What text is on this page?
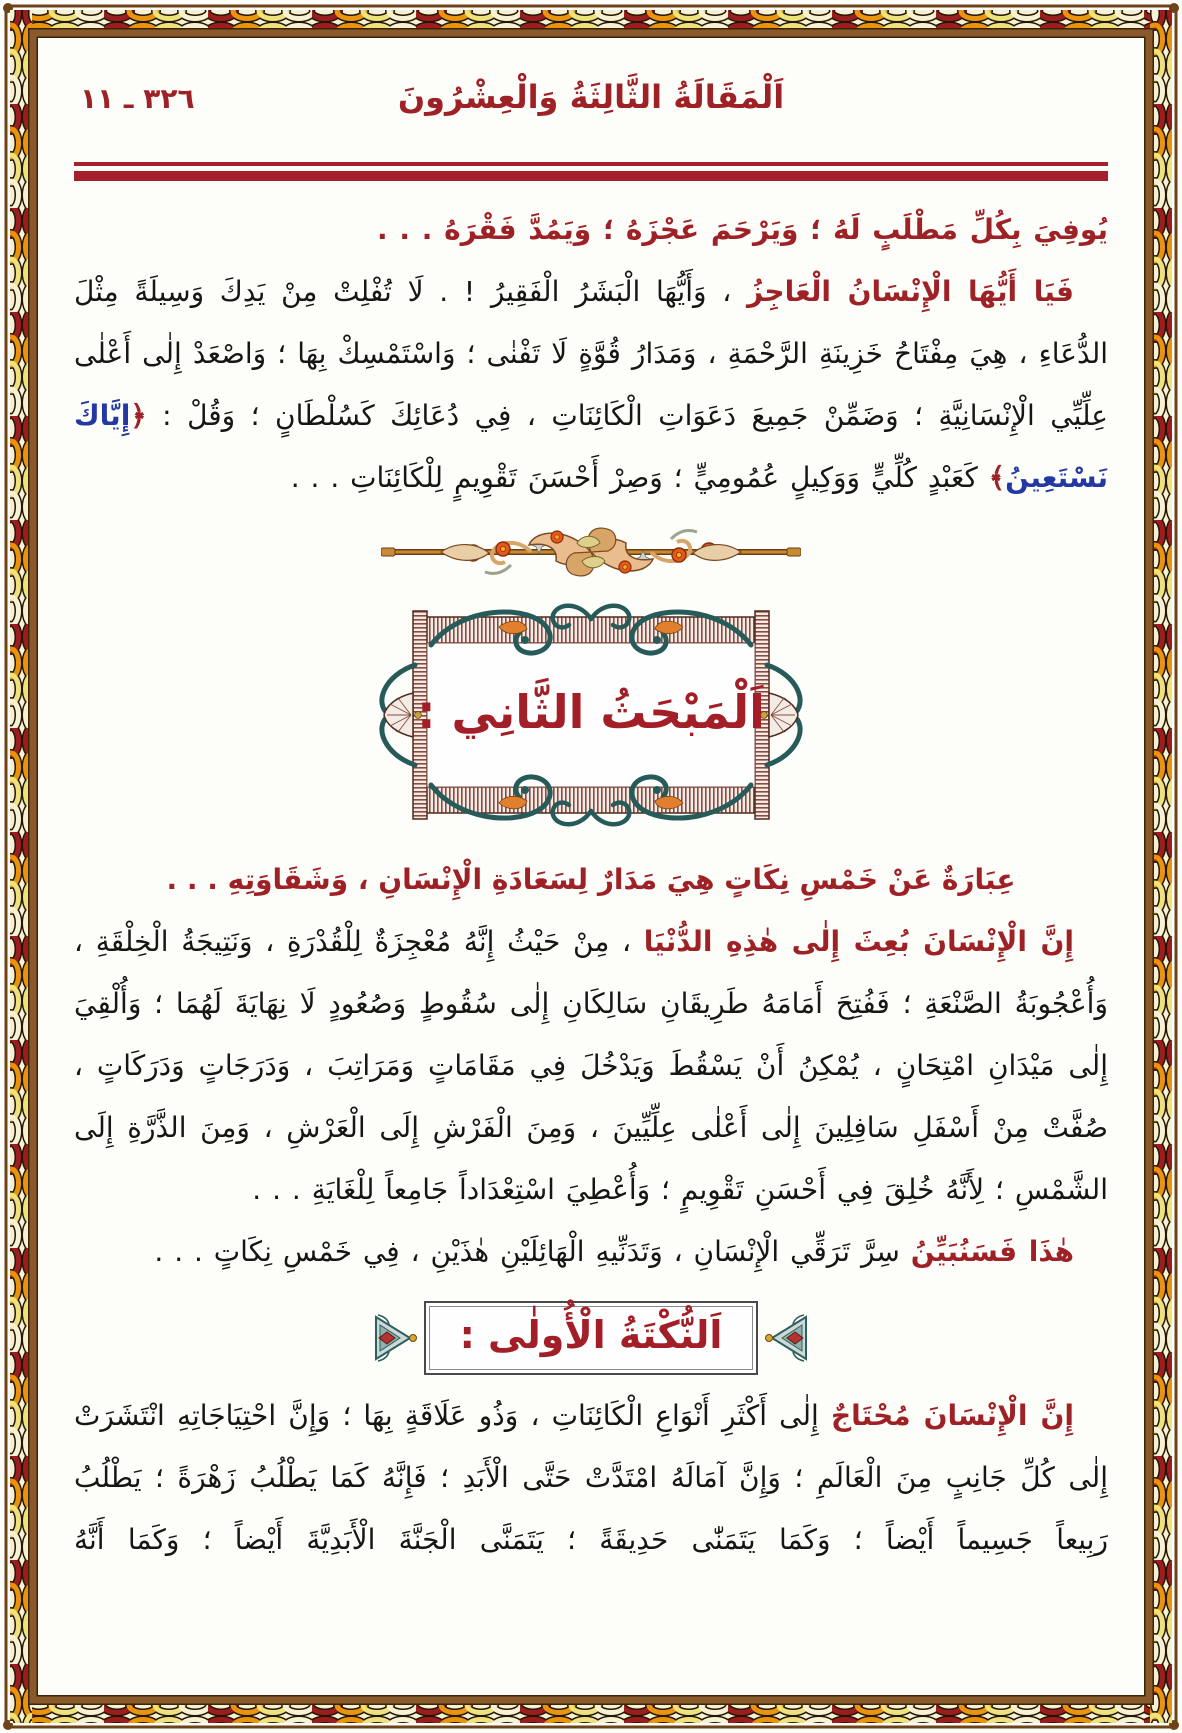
٣٢٦ ـ ١١	اَلْمَقَالَةُ الثَّالِثَةُ وَالْعِشْرُونَ

يُوفِيَ بِكُلِّ مَطْلَبٍ لَهُ ؛ وَيَرْحَمَ عَجْزَهُ ؛ وَيَمُدَّ فَقْرَهُ . . .

فَيَا أَيُّهَا الْإِنْسَانُ الْعَاجِزُ ، وَأَيُّهَا الْبَشَرُ الْفَقِيرُ ! . لَا تُفْلِتْ مِنْ يَدِكَ وَسِيلَةً مِثْلَ الدُّعَاءِ ، هِيَ مِفْتَاحُ خَزِينَةِ الرَّحْمَةِ ، وَمَدَارُ قُوَّةٍ لَا تَفْنٰى ؛ وَاسْتَمْسِكْ بِهَا ؛ وَاصْعَدْ إِلٰى أَعْلٰى عِلِّيِّي الْإِنْسَانِيَّةِ ؛ وَضَمِّنْ جَمِيعَ دَعَوَاتِ الْكَائِنَاتِ ، فِي دُعَائِكَ كَسُلْطَانٍ ؛ وَقُلْ : ﴿إِيَّاكَ نَسْتَعِينُ﴾ كَعَبْدٍ كُلِّيٍّ وَوَكِيلٍ عُمُومِيٍّ ؛ وَصِرْ أَحْسَنَ تَقْوِيمٍ لِلْكَائِنَاتِ . . .

اَلْمَبْحَثُ الثَّانِي :

عِبَارَةٌ عَنْ خَمْسِ نِكَاتٍ هِيَ مَدَارٌ لِسَعَادَةِ الْإِنْسَانِ ، وَشَقَاوَتِهِ . . .

إِنَّ الْإِنْسَانَ بُعِثَ إِلٰى هٰذِهِ الدُّنْيَا ، مِنْ حَيْثُ إِنَّهُ مُعْجِزَةٌ لِلْقُدْرَةِ ، وَنَتِيجَةُ الْخِلْقَةِ ، وَأُعْجُوبَةُ الصَّنْعَةِ ؛ فَفُتِحَ أَمَامَهُ طَرِيقَانِ سَالِكَانِ إِلٰى سُقُوطٍ وَصُعُودٍ لَا نِهَايَةَ لَهُمَا ؛ وَأُلْقِيَ إِلٰى مَيْدَانِ امْتِحَانٍ ، يُمْكِنُ أَنْ يَسْقُطَ وَيَدْخُلَ فِي مَقَامَاتٍ وَمَرَاتِبَ ، وَدَرَجَاتٍ وَدَرَكَاتٍ ، صُفَّتْ مِنْ أَسْفَلِ سَافِلِينَ إِلٰى أَعْلٰى عِلِّيِّينَ ، وَمِنَ الْفَرْشِ إِلَى الْعَرْشِ ، وَمِنَ الذَّرَّةِ إِلَى الشَّمْسِ ؛ لِأَنَّهُ خُلِقَ فِي أَحْسَنِ تَقْوِيمٍ ؛ وَأُعْطِيَ اسْتِعْدَاداً جَامِعاً لِلْغَايَةِ . . .

هٰذَا فَسَنُبَيِّنُ سِرَّ تَرَقِّي الْإِنْسَانِ ، وَتَدَنِّيهِ الْهَائِلَيْنِ هٰذَيْنِ ، فِي خَمْسِ نِكَاتٍ . . .

اَلنُّكْتَةُ الْأُولٰى :

إِنَّ الْإِنْسَانَ مُحْتَاجٌ إِلٰى أَكْثَرِ أَنْوَاعِ الْكَائِنَاتِ ، وَذُو عَلَاقَةٍ بِهَا ؛ وَإِنَّ احْتِيَاجَاتِهِ انْتَشَرَتْ إِلٰى كُلِّ جَانِبٍ مِنَ الْعَالَمِ ؛ وَإِنَّ آمَالَهُ امْتَدَّتْ حَتَّى الْأَبَدِ ؛ فَإِنَّهُ كَمَا يَطْلُبُ زَهْرَةً ؛ يَطْلُبُ رَبِيعاً جَسِيماً أَيْضاً ؛ وَكَمَا يَتَمَنّٰى حَدِيقَةً ؛ يَتَمَنَّى الْجَنَّةَ الْأَبَدِيَّةَ أَيْضاً ؛ وَكَمَا أَنَّهُ
